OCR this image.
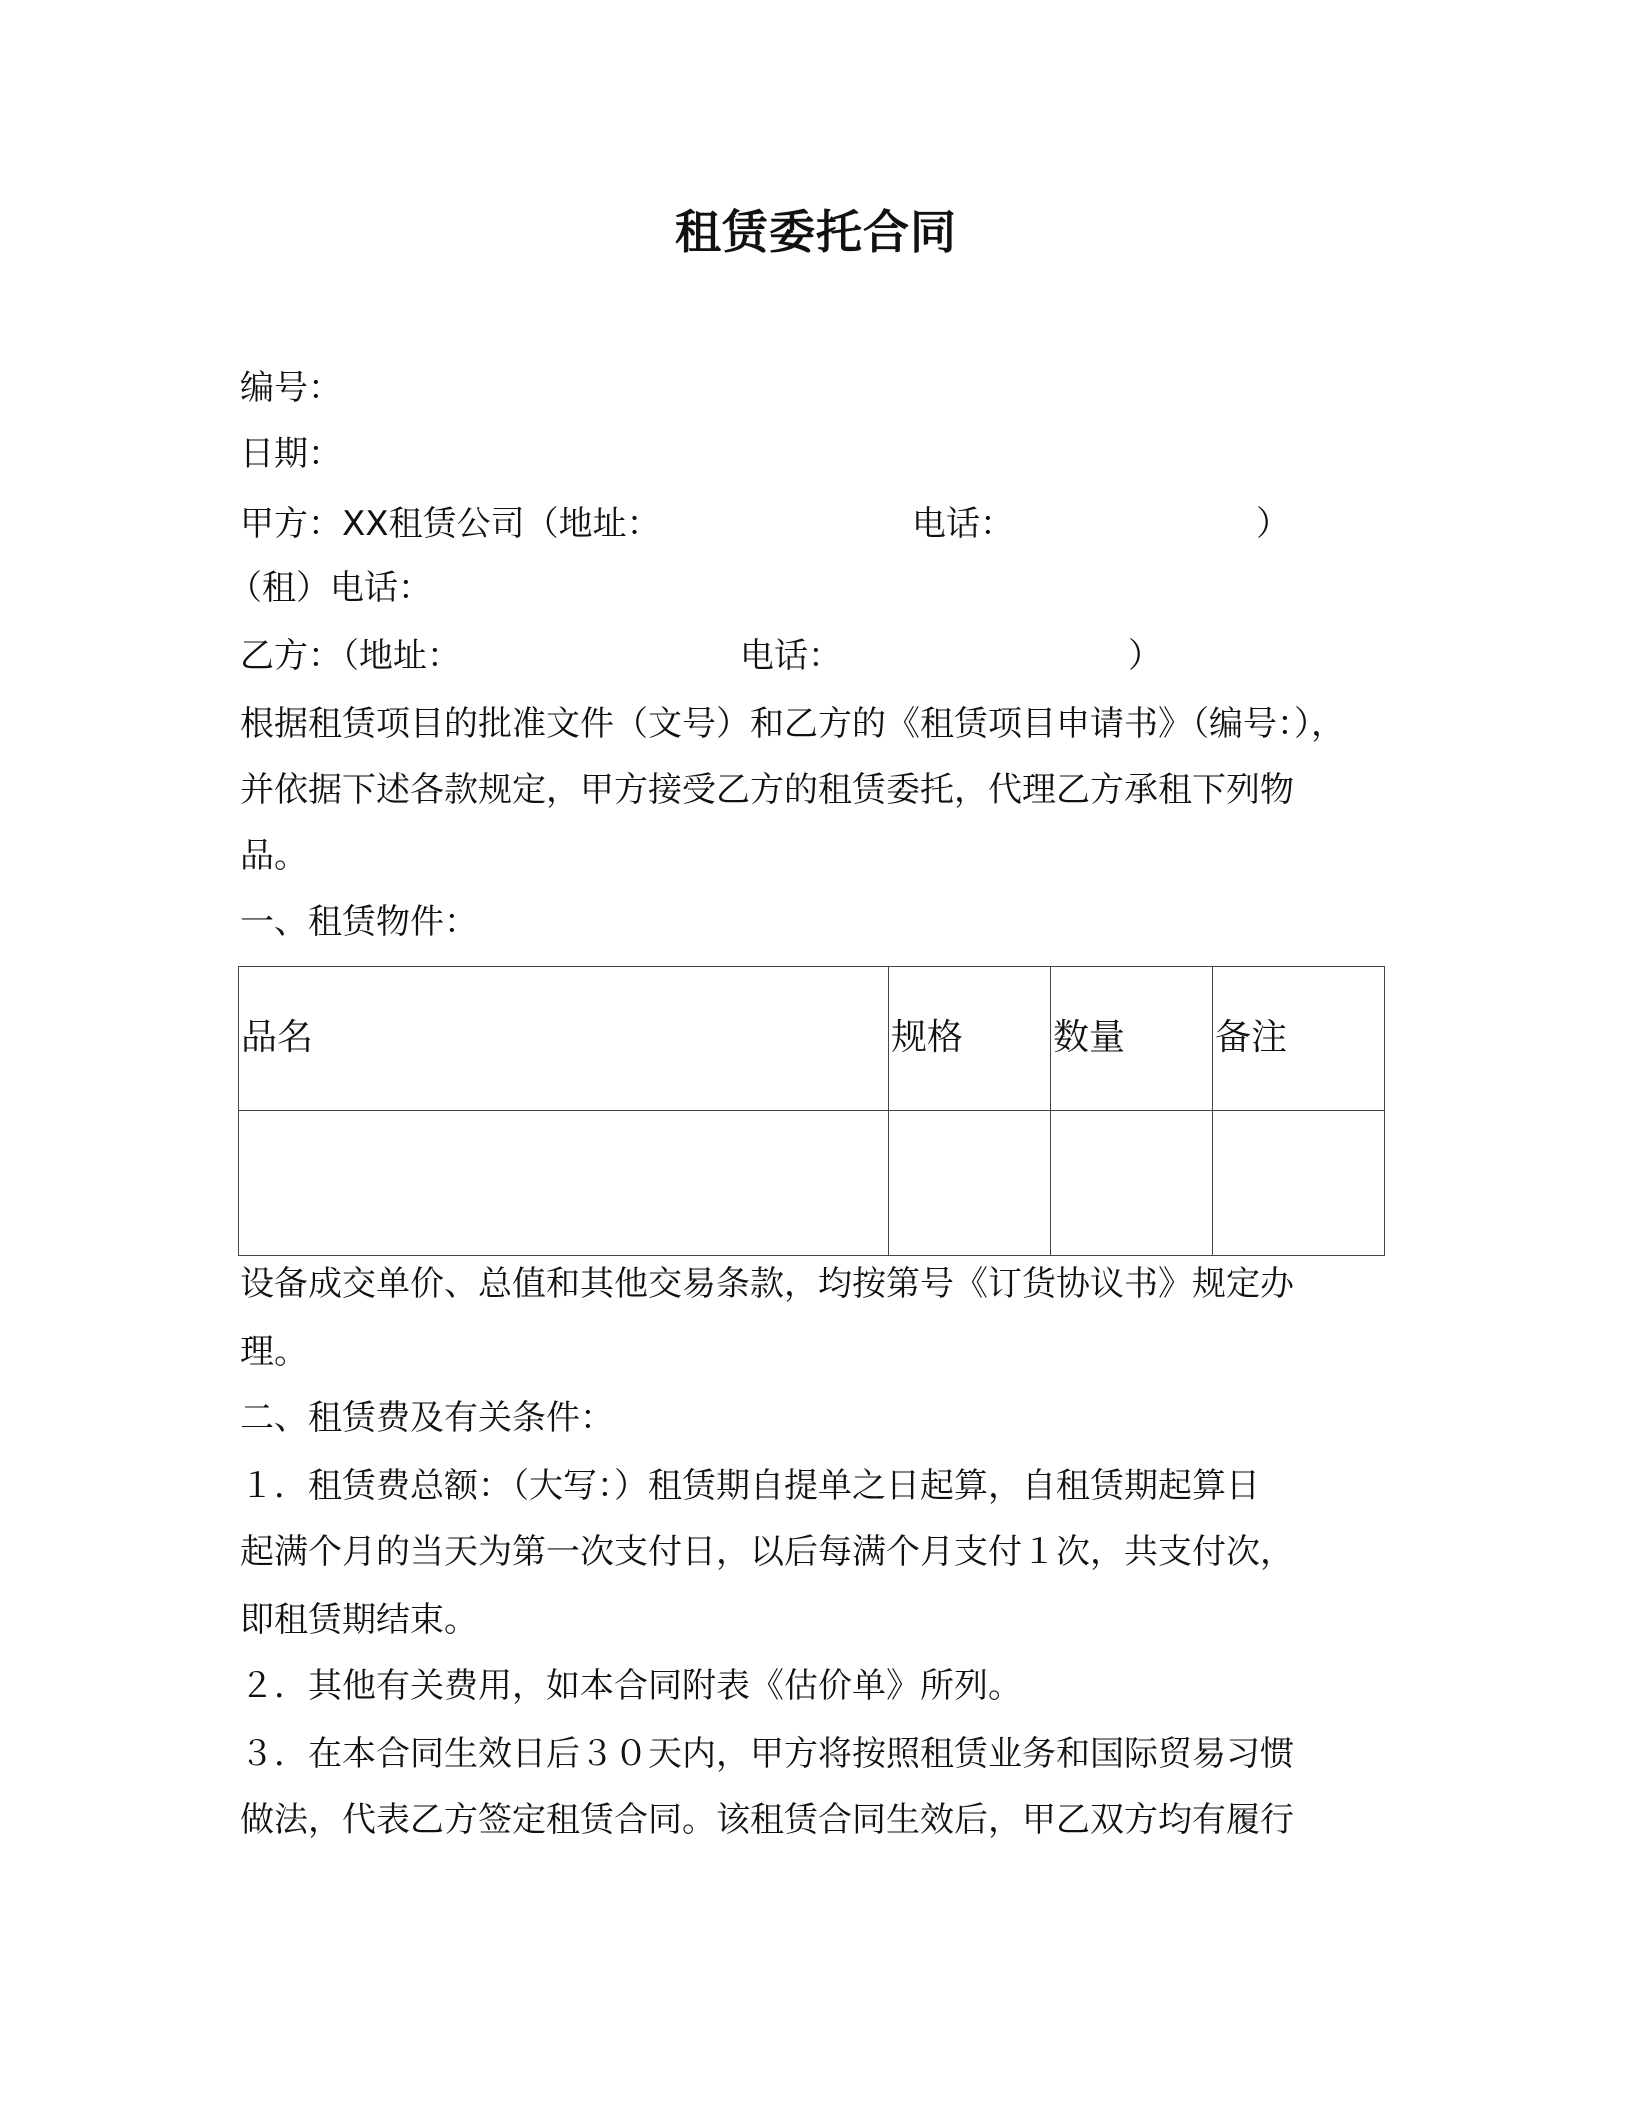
租赁委托合同
编号：
日期：
甲方：XX租赁公司（地址：	电话：	）
（租）电话：
乙方：（地址：	电话：	）
根据租赁项目的批准文件（文号）和乙方的《租赁项目申请书》（编号：），
并依据下述各款规定，甲方接受乙方的租赁委托，代理乙方承租下列物
品。
一、租赁物件：
品名	规格	数量	备注

设备成交单价、总值和其他交易条款，均按第号《订货协议书》规定办
理。
二、租赁费及有关条件：
１．租赁费总额：（大写：）租赁期自提单之日起算，自租赁期起算日
起满个月的当天为第一次支付日，以后每满个月支付１次，共支付次，
即租赁期结束。
２．其他有关费用，如本合同附表《估价单》所列。
３．在本合同生效日后３０天内，甲方将按照租赁业务和国际贸易习惯
做法，代表乙方签定租赁合同。该租赁合同生效后，甲乙双方均有履行
